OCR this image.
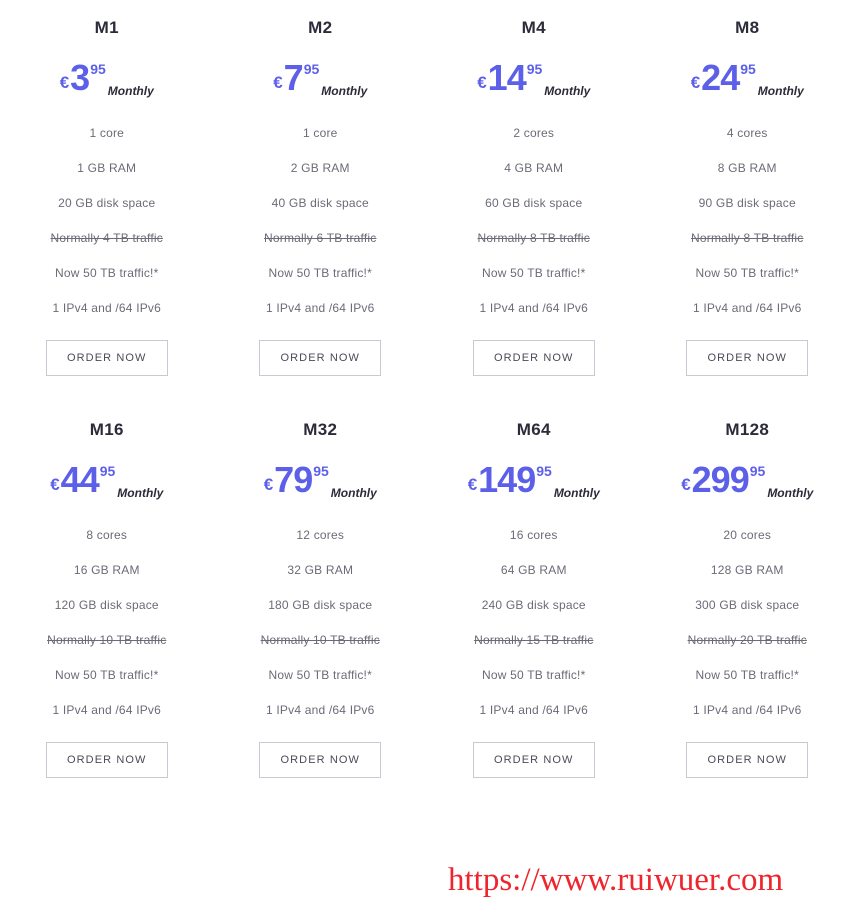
M1
€ 3 95
Monthly
1 core
1 GB RAM
20 GB disk space
Normally 4 TB traffic
Now 50 TB traffic!*
1 IPv4 and /64 IPv6
ORDER NOW
M2
€ 7 95
Monthly
1 core
2 GB RAM
40 GB disk space
Normally 6 TB traffic
Now 50 TB traffic!*
1 IPv4 and /64 IPv6
ORDER NOW
M4
€ 14 95
Monthly
2 cores
4 GB RAM
60 GB disk space
Normally 8 TB traffic
Now 50 TB traffic!*
1 IPv4 and /64 IPv6
ORDER NOW
M8
€ 24 95
Monthly
4 cores
8 GB RAM
90 GB disk space
Normally 8 TB traffic
Now 50 TB traffic!*
1 IPv4 and /64 IPv6
ORDER NOW
M16
€ 44 95
Monthly
8 cores
16 GB RAM
120 GB disk space
Normally 10 TB traffic
Now 50 TB traffic!*
1 IPv4 and /64 IPv6
ORDER NOW
M32
€ 79 95
Monthly
12 cores
32 GB RAM
180 GB disk space
Normally 10 TB traffic
Now 50 TB traffic!*
1 IPv4 and /64 IPv6
ORDER NOW
M64
€ 149 95
Monthly
16 cores
64 GB RAM
240 GB disk space
Normally 15 TB traffic
Now 50 TB traffic!*
1 IPv4 and /64 IPv6
ORDER NOW
M128
€ 299 95
Monthly
20 cores
128 GB RAM
300 GB disk space
Normally 20 TB traffic
Now 50 TB traffic!*
1 IPv4 and /64 IPv6
ORDER NOW
https://www.ruiwuer.com
